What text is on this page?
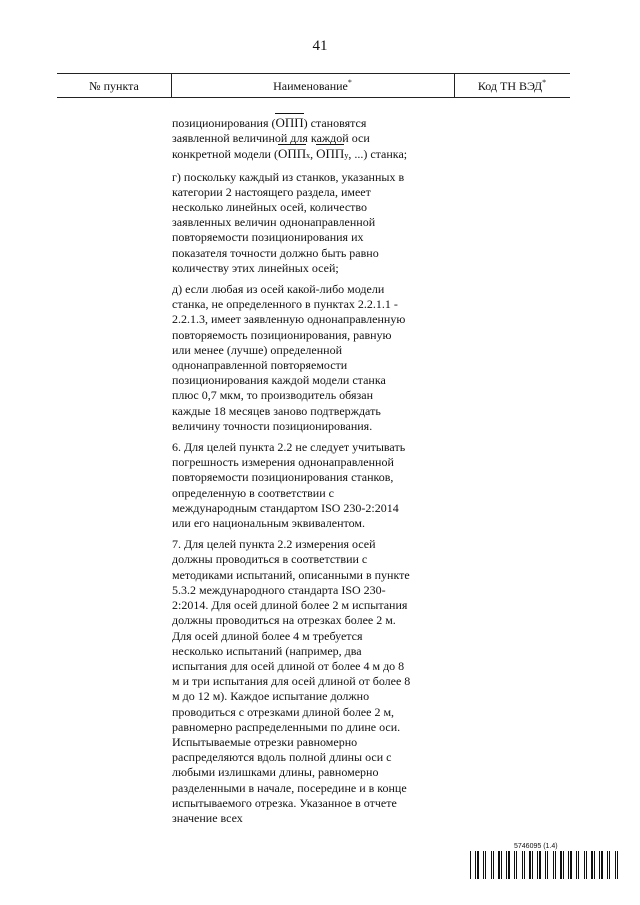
41
№ пункта	Наименование*	Код ТН ВЭД*

позиционирования (ОПП) становятся заявленной величиной для каждой оси конкретной модели (ОППx, ОППy, ...) станка;

г) поскольку каждый из станков, указанных в категории 2 настоящего раздела, имеет несколько линейных осей, количество заявленных величин однонаправленной повторяемости позиционирования их показателя точности должно быть равно количеству этих линейных осей;

д) если любая из осей какой-либо модели станка, не определенного в пунктах 2.2.1.1 - 2.2.1.3, имеет заявленную однонаправленную повторяемость позиционирования, равную или менее (лучше) определенной однонаправленной повторяемости позиционирования каждой модели станка плюс 0,7 мкм, то производитель обязан каждые 18 месяцев заново подтверждать величину точности позиционирования.

6. Для целей пункта 2.2 не следует учитывать погрешность измерения однонаправленной повторяемости позиционирования станков, определенную в соответствии с международным стандартом ISO 230-2:2014 или его национальным эквивалентом.

7. Для целей пункта 2.2 измерения осей должны проводиться в соответствии с методиками испытаний, описанными в пункте 5.3.2 международного стандарта ISO 230-2:2014. Для осей длиной более 2 м испытания должны проводиться на отрезках более 2 м. Для осей длиной более 4 м требуется несколько испытаний (например, два испытания для осей длиной от более 4 м до 8 м и три испытания для осей длиной от более 8 м до 12 м). Каждое испытание должно проводиться с отрезками длиной более 2 м, равномерно распределенными по длине оси. Испытываемые отрезки равномерно распределяются вдоль полной длины оси с любыми излишками длины, равномерно разделенными в начале, посередине и в конце испытываемого отрезка. Указанное в отчете значение всех

5746095 (1.4)
